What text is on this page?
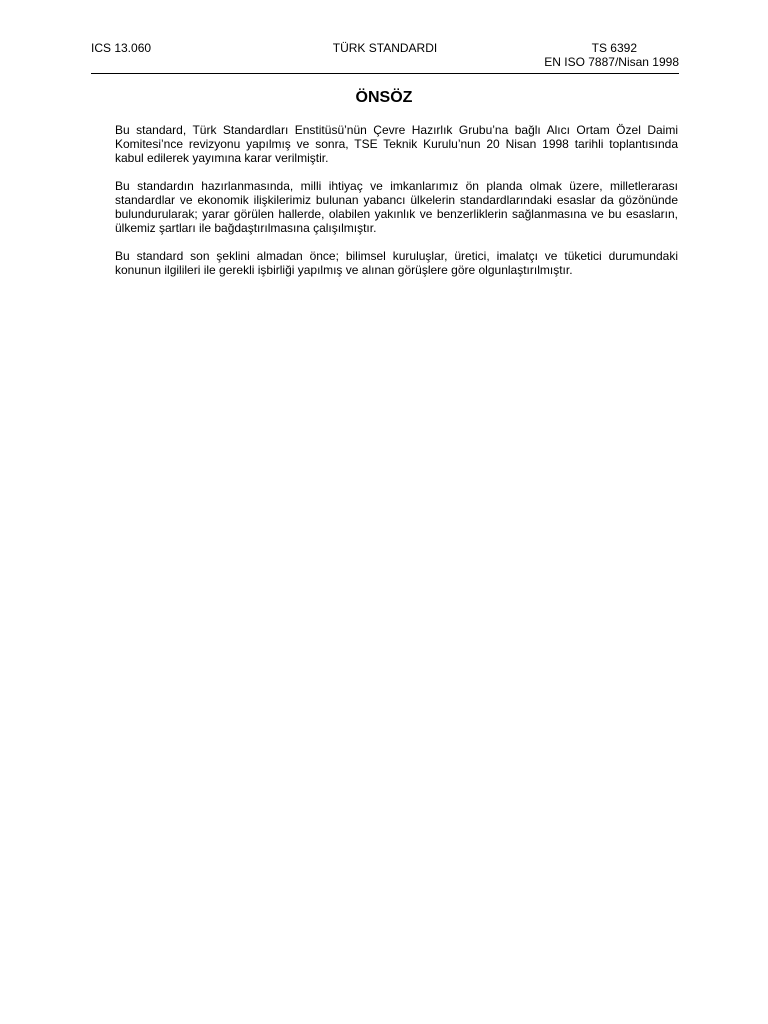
ICS 13.060	TÜRK STANDARDI	TS 6392
EN ISO 7887/Nisan 1998
ÖNSÖZ

Bu standard, Türk Standardları Enstitüsü’nün Çevre Hazırlık Grubu’na bağlı Alıcı Ortam Özel Daimi Komitesi’nce revizyonu yapılmış ve sonra, TSE Teknik Kurulu’nun 20 Nisan 1998 tarihli toplantısında kabul edilerek yayımına karar verilmiştir.

Bu standardın hazırlanmasında, milli ihtiyaç ve imkanlarımız ön planda olmak üzere, milletlerarası standardlar ve ekonomik ilişkilerimiz bulunan yabancı ülkelerin standardlarındaki esaslar da gözönünde bulundurularak; yarar görülen hallerde, olabilen yakınlık ve benzerliklerin sağlanmasına ve bu esasların, ülkemiz şartları ile bağdaştırılmasına çalışılmıştır.

Bu standard son şeklini almadan önce; bilimsel kuruluşlar, üretici, imalatçı ve tüketici durumundaki konunun ilgilileri ile gerekli işbirliği yapılmış ve alınan görüşlere göre olgunlaştırılmıştır.
